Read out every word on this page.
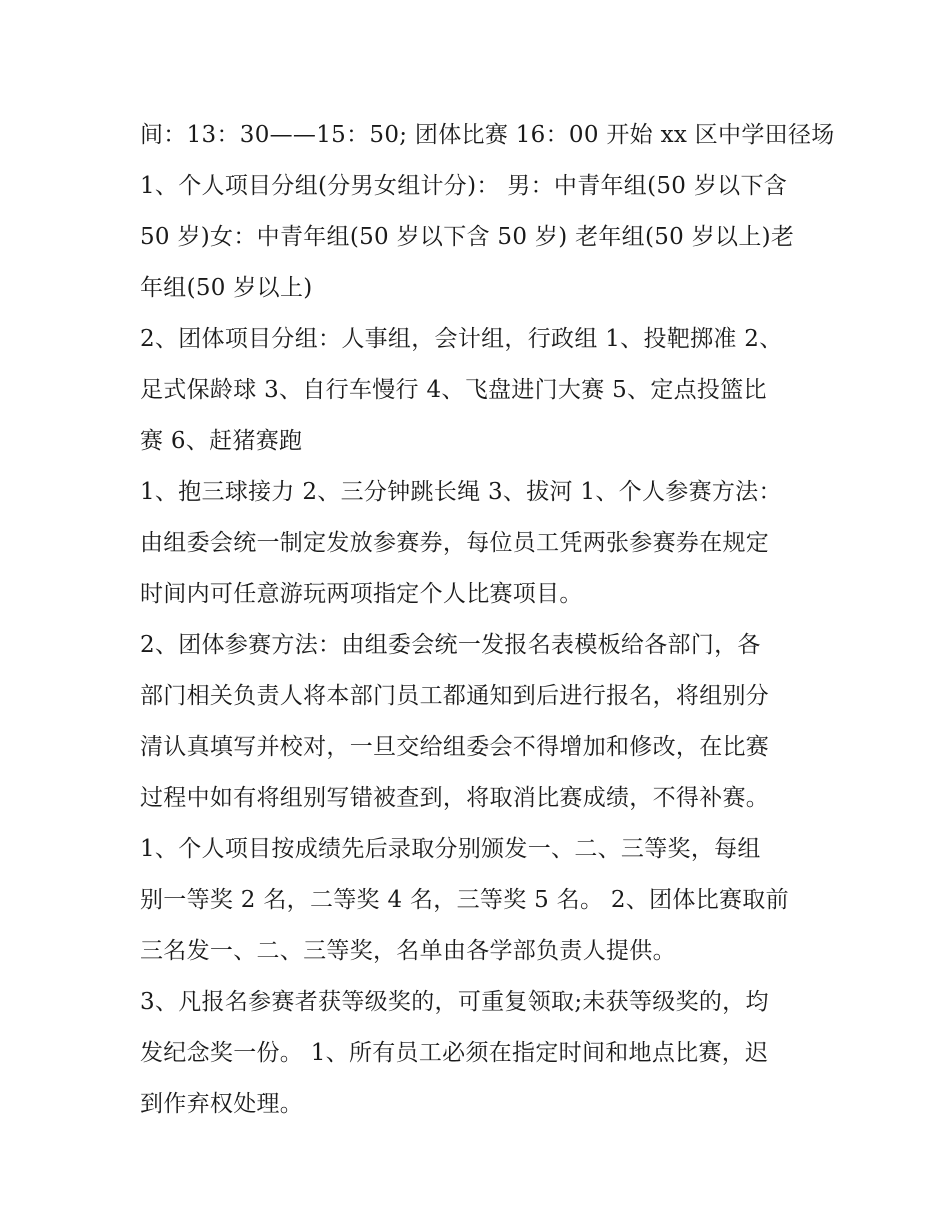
间：13：30——15：50; 团体比赛 16：00 开始 xx 区中学田径场
1、个人项目分组(分男女组计分)： 男：中青年组(50 岁以下含
50 岁)女：中青年组(50 岁以下含 50 岁) 老年组(50 岁以上)老
年组(50 岁以上)
2、团体项目分组：人事组，会计组，行政组 1、投靶掷准 2、
足式保龄球 3、自行车慢行 4、飞盘进门大赛 5、定点投篮比
赛 6、赶猪赛跑
1、抱三球接力 2、三分钟跳长绳 3、拔河 1、个人参赛方法：
由组委会统一制定发放参赛券，每位员工凭两张参赛券在规定
时间内可任意游玩两项指定个人比赛项目。
2、团体参赛方法：由组委会统一发报名表模板给各部门，各
部门相关负责人将本部门员工都通知到后进行报名，将组别分
清认真填写并校对，一旦交给组委会不得增加和修改，在比赛
过程中如有将组别写错被查到，将取消比赛成绩，不得补赛。
1、个人项目按成绩先后录取分别颁发一、二、三等奖，每组
别一等奖 2 名，二等奖 4 名，三等奖 5 名。 2、团体比赛取前
三名发一、二、三等奖，名单由各学部负责人提供。
3、凡报名参赛者获等级奖的，可重复领取;未获等级奖的，均
发纪念奖一份。 1、所有员工必须在指定时间和地点比赛，迟
到作弃权处理。
